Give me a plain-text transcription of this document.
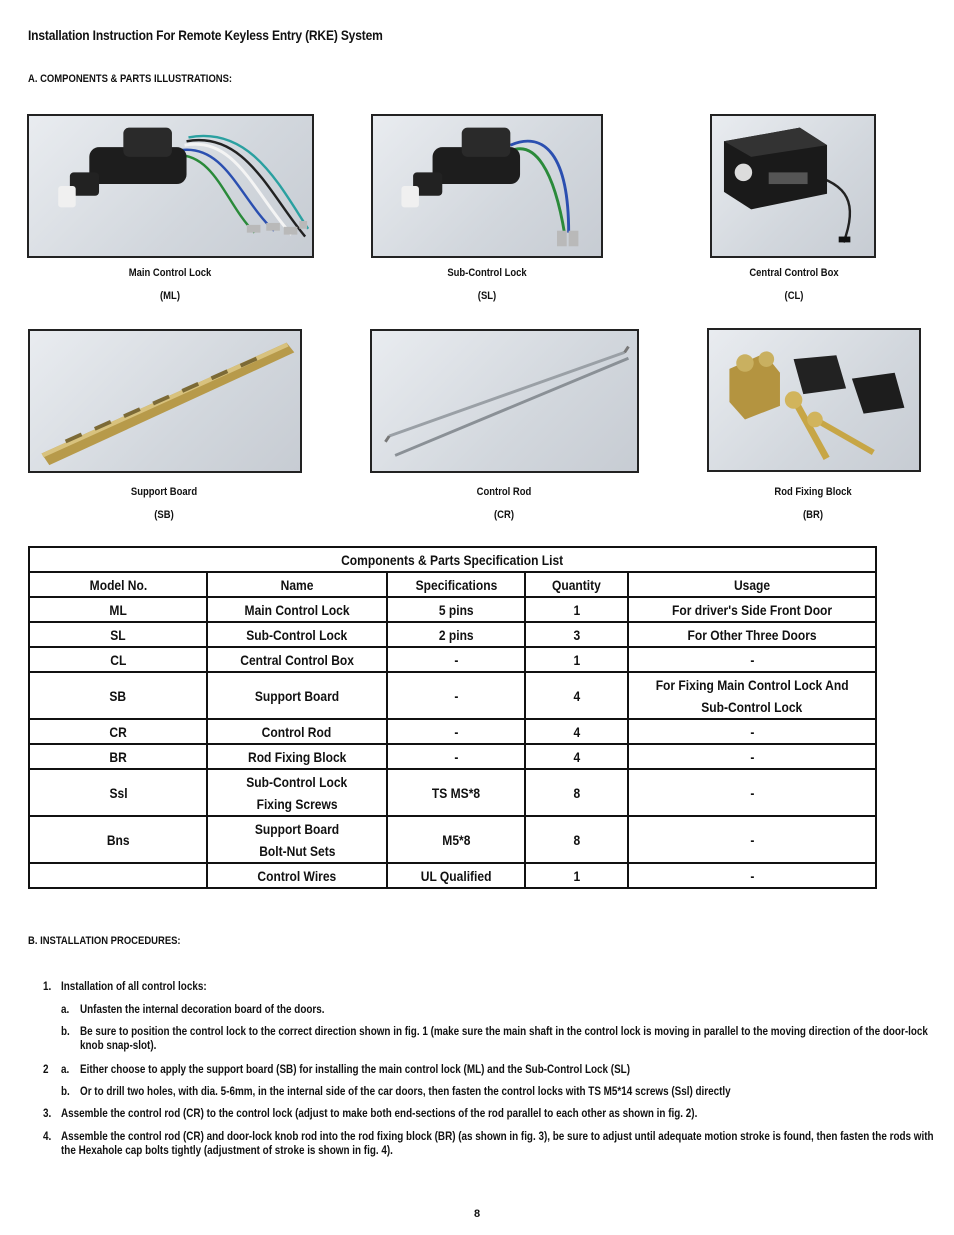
Installation Instruction For Remote Keyless Entry (RKE) System
A. COMPONENTS & PARTS ILLUSTRATIONS:
Main Control Lock
(ML)
Sub-Control Lock
(SL)
Central Control Box
(CL)
Support Board
(SB)
Control Rod
(CR)
Rod Fixing Block
(BR)
Components & Parts Specification List				
Model No.	Name	Specifications	Quantity	Usage
ML	Main Control Lock	5 pins	1	For driver's Side Front Door
SL	Sub-Control Lock	2 pins	3	For Other Three Doors
CL	Central Control Box	-	1	-
SB	Support Board	-	4	For Fixing Main Control Lock And
Sub-Control Lock

CR	Control Rod	-	4	-
BR	Rod Fixing Block	-	4	-
Ssl	Sub-Control Lock
Fixing Screws	TS MS*8	8	-
Bns	Support Board
Bolt-Nut Sets	M5*8	8	-
	Control Wires	UL Qualified	1	-
B. INSTALLATION PROCEDURES:
1. Installation of all control locks:
a. Unfasten the internal decoration board of the doors.
b. Be sure to position the control lock to the correct direction shown in fig. 1 (make sure the main shaft in the control lock is moving in parallel to the moving direction of the door-lock knob snap-slot).
2 a. Either choose to apply the support board (SB) for installing the main control lock (ML) and the Sub-Control Lock (SL)
b. Or to drill two holes, with dia. 5-6mm, in the internal side of the car doors, then fasten the control locks with TS M5*14 screws (Ssl) directly
3. Assemble the control rod (CR) to the control lock (adjust to make both end-sections of the rod parallel to each other as shown in fig. 2).
4. Assemble the control rod (CR) and door-lock knob rod into the rod fixing block (BR) (as shown in fig. 3), be sure to adjust until adequate motion stroke is found, then fasten the rods with the Hexahole cap bolts tightly (adjustment of stroke is shown in fig. 4).
8
